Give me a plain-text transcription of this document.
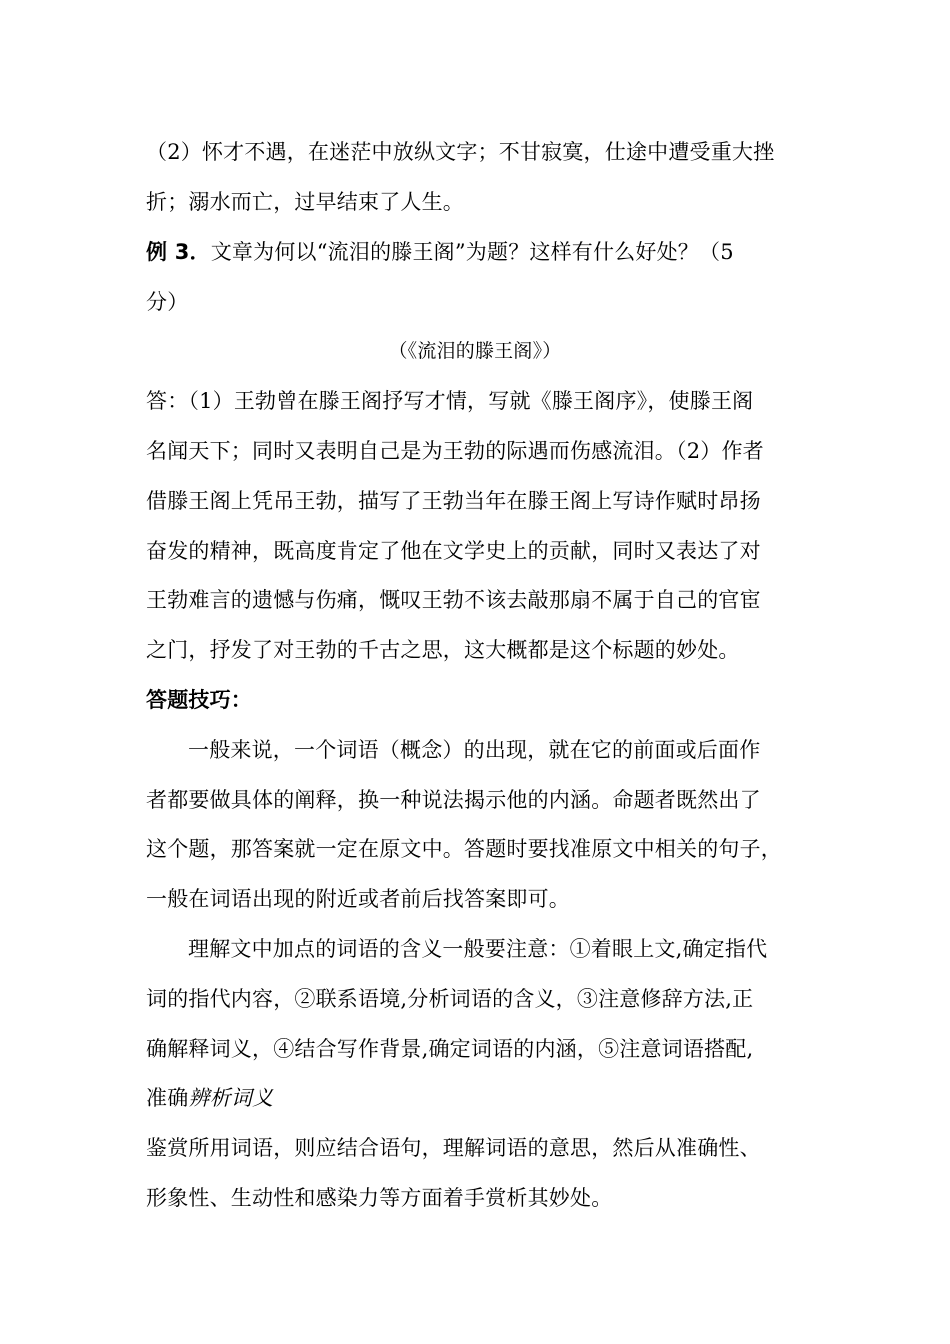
（2）怀才不遇，在迷茫中放纵文字；不甘寂寞，仕途中遭受重大挫
折；溺水而亡，过早结束了人生。
例 3．文章为何以“流泪的滕王阁”为题？这样有什么好处？（5
分）
（《流泪的滕王阁》）
答：（1）王勃曾在滕王阁抒写才情，写就《滕王阁序》，使滕王阁
名闻天下；同时又表明自己是为王勃的际遇而伤感流泪。（2）作者
借滕王阁上凭吊王勃，描写了王勃当年在滕王阁上写诗作赋时昂扬
奋发的精神，既高度肯定了他在文学史上的贡献，同时又表达了对
王勃难言的遗憾与伤痛，慨叹王勃不该去敲那扇不属于自己的官宦
之门，抒发了对王勃的千古之思，这大概都是这个标题的妙处。
答题技巧：
一般来说，一个词语（概念）的出现，就在它的前面或后面作
者都要做具体的阐释，换一种说法揭示他的内涵。命题者既然出了
这个题，那答案就一定在原文中。答题时要找准原文中相关的句子，
一般在词语出现的附近或者前后找答案即可。
理解文中加点的词语的含义一般要注意：①着眼上文,确定指代
词的指代内容，②联系语境,分析词语的含义，③注意修辞方法,正
确解释词义，④结合写作背景,确定词语的内涵，⑤注意词语搭配,
准确辨析词义
鉴赏所用词语，则应结合语句，理解词语的意思，然后从准确性、
形象性、生动性和感染力等方面着手赏析其妙处。
